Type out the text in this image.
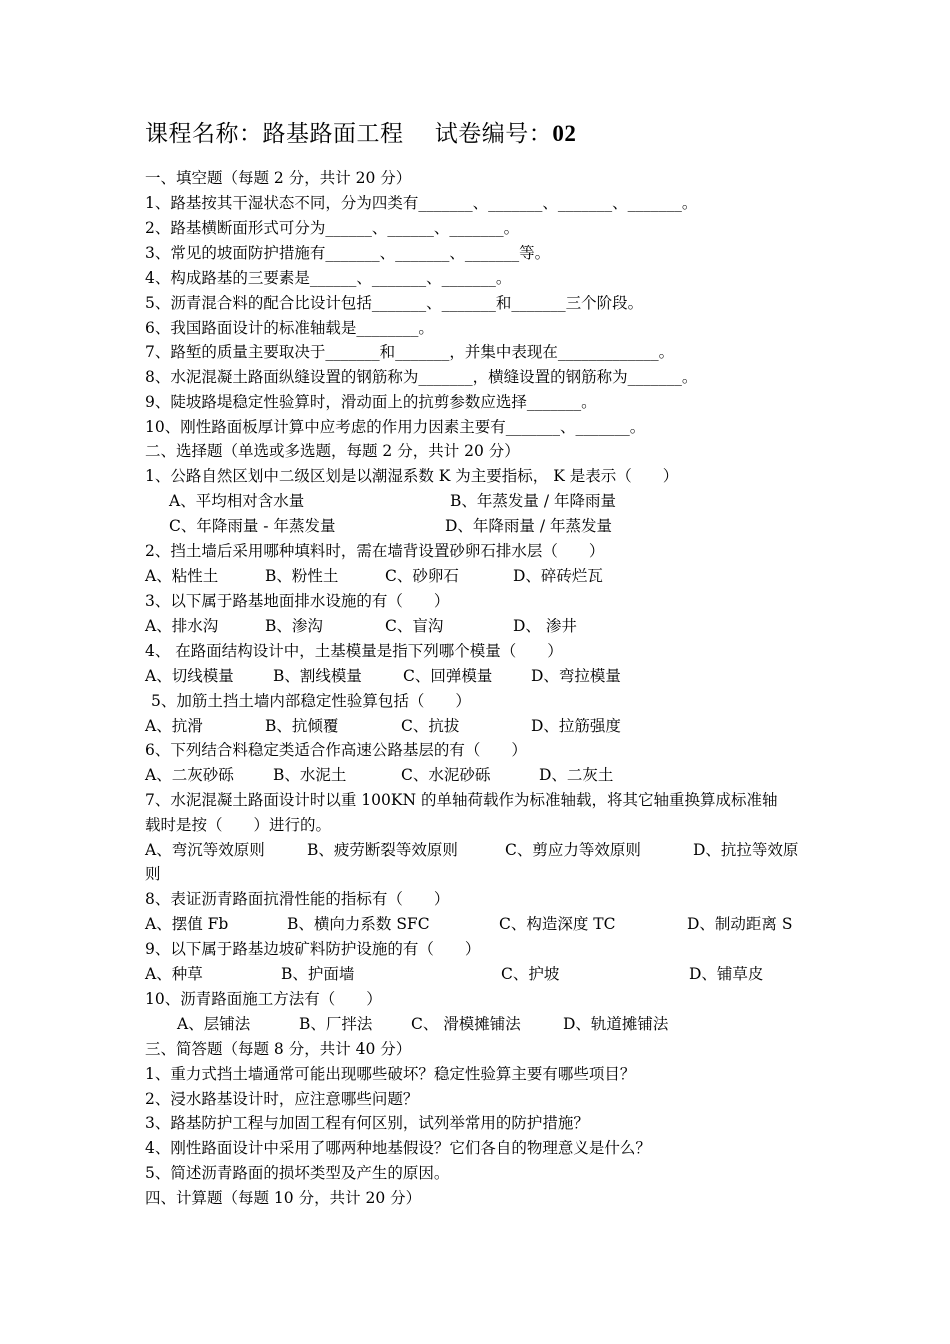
课程名称：路基路面工程　 试卷编号：02
一、填空题（每题 2 分，共计 20 分）
1、路基按其干湿状态不同，分为四类有_______、_______、_______、_______。
2、路基横断面形式可分为______、______、_______。
3、常见的坡面防护措施有_______、_______、_______等。
4、构成路基的三要素是______、_______、_______。
5、沥青混合料的配合比设计包括_______、_______和_______三个阶段。
6、我国路面设计的标准轴载是________。
7、路堑的质量主要取决于_______和_______，并集中表现在_____________。
8、水泥混凝土路面纵缝设置的钢筋称为_______，横缝设置的钢筋称为_______。
9、陡坡路堤稳定性验算时，滑动面上的抗剪参数应选择_______。
10、刚性路面板厚计算中应考虑的作用力因素主要有_______、_______。
二、选择题（单选或多选题，每题 2 分，共计 20 分）
1、公路自然区划中二级区划是以潮湿系数 K 为主要指标， K 是表示（　　）
A、平均相对含水量	B、年蒸发量 / 年降雨量
C、年降雨量 - 年蒸发量	D、年降雨量 / 年蒸发量
2、挡土墙后采用哪种填料时，需在墙背设置砂卵石排水层（　　）
A、粘性土	B、粉性土	C、砂卵石	D、碎砖烂瓦
3、以下属于路基地面排水设施的有（　　）
A、排水沟	B、渗沟	C、盲沟	D、 渗井
4、 在路面结构设计中，土基模量是指下列哪个模量（　　）
A、切线模量	B、割线模量	C、回弹模量 D、弯拉模量
5、加筋土挡土墙内部稳定性验算包括（　　）
A、抗滑	B、抗倾覆	C、抗拔	D、拉筋强度
6、下列结合料稳定类适合作高速公路基层的有（　　）
A、二灰砂砾	B、水泥土	C、水泥砂砾	D、二灰土
7、水泥混凝土路面设计时以重 100KN 的单轴荷载作为标准轴载，将其它轴重换算成标准轴
载时是按（　　）进行的。
A、弯沉等效原则	B、疲劳断裂等效原则	C、剪应力等效原则	D、抗拉等效原
则
8、表证沥青路面抗滑性能的指标有（　　）
A、摆值 Fb	B、横向力系数 SFC	C、构造深度 TC	D、制动距离 S
9、以下属于路基边坡矿料防护设施的有（　　）
A、种草	B、护面墙	C、护坡	D、铺草皮
10、沥青路面施工方法有（　　）
A、层铺法	B、厂拌法 C、 滑模摊铺法	D、轨道摊铺法
三、简答题（每题 8 分，共计 40 分）
1、重力式挡土墙通常可能出现哪些破坏？稳定性验算主要有哪些项目？
2、浸水路基设计时，应注意哪些问题？
3、路基防护工程与加固工程有何区别，试列举常用的防护措施？
4、刚性路面设计中采用了哪两种地基假设？它们各自的物理意义是什么？
5、简述沥青路面的损坏类型及产生的原因。
四、计算题（每题 10 分，共计 20 分）
